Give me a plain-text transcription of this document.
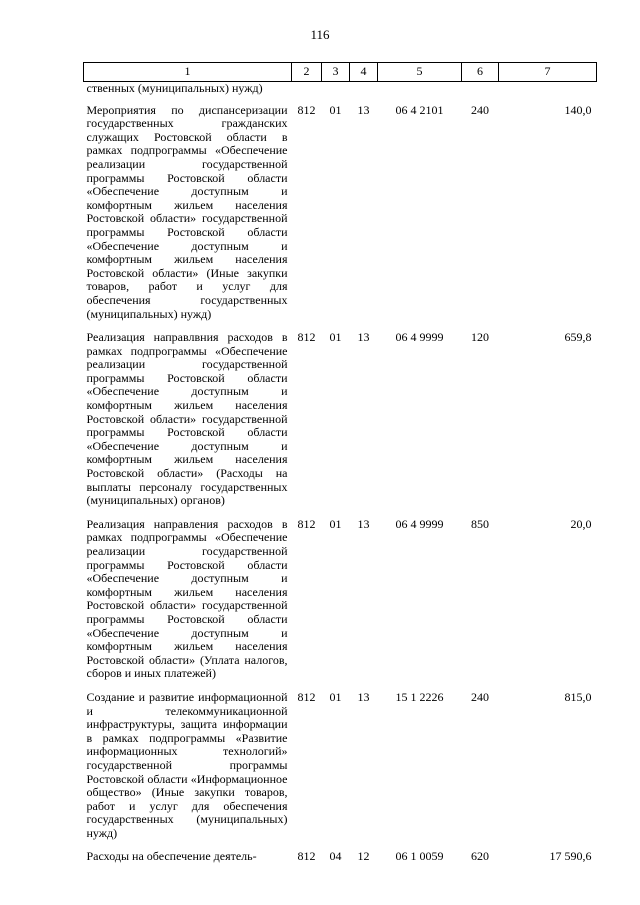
116
1	2	3	4	5	6	7
ственных (муниципальных) нужд)						
Мероприятия по диспансеризации государственных гражданских служащих Ростовской области в рамках подпрограммы «Обеспечение реализации государственной программы Ростовской области «Обеспечение доступным и комфортным жильем населения Ростовской области» государственной программы Ростовской области «Обеспечение доступным и комфортным жильем населения Ростовской области» (Иные закупки товаров, работ и услуг для обеспечения государственных (муниципальных) нужд)	812	01	13	06 4 2101	240	140,0
Реализация направлвния расходов в рамках подпрограммы «Обеспечение реализации государственной программы Ростовской области «Обеспечение доступным и комфортным жильем населения Ростовской области» государственной программы Ростовской области «Обеспечение доступным и комфортным жильем населения Ростовской области» (Расходы на выплаты персоналу государственных (муниципальных) органов)	812	01	13	06 4 9999	120	659,8
Реализация направления расходов в рамках подпрограммы «Обеспечение реализации государственной программы Ростовской области «Обеспечение доступным и комфортным жильем населения Ростовской области» государственной программы Ростовской области «Обеспечение доступным и комфортным жильем населения Ростовской области» (Уплата налогов, сборов и иных платежей)	812	01	13	06 4 9999	850	20,0
Создание и развитие информационной и телекоммуникационной инфраструктуры, защита информации в рамках подпрограммы «Развитие информационных технологий» государственной программы Ростовской области «Информационное общество» (Иные закупки товаров, работ и услуг для обеспечения государственных (муниципальных) нужд)	812	01	13	15 1 2226	240	815,0
Расходы на обеспечение деятель-	812	04	12	06 1 0059	620	17 590,6
